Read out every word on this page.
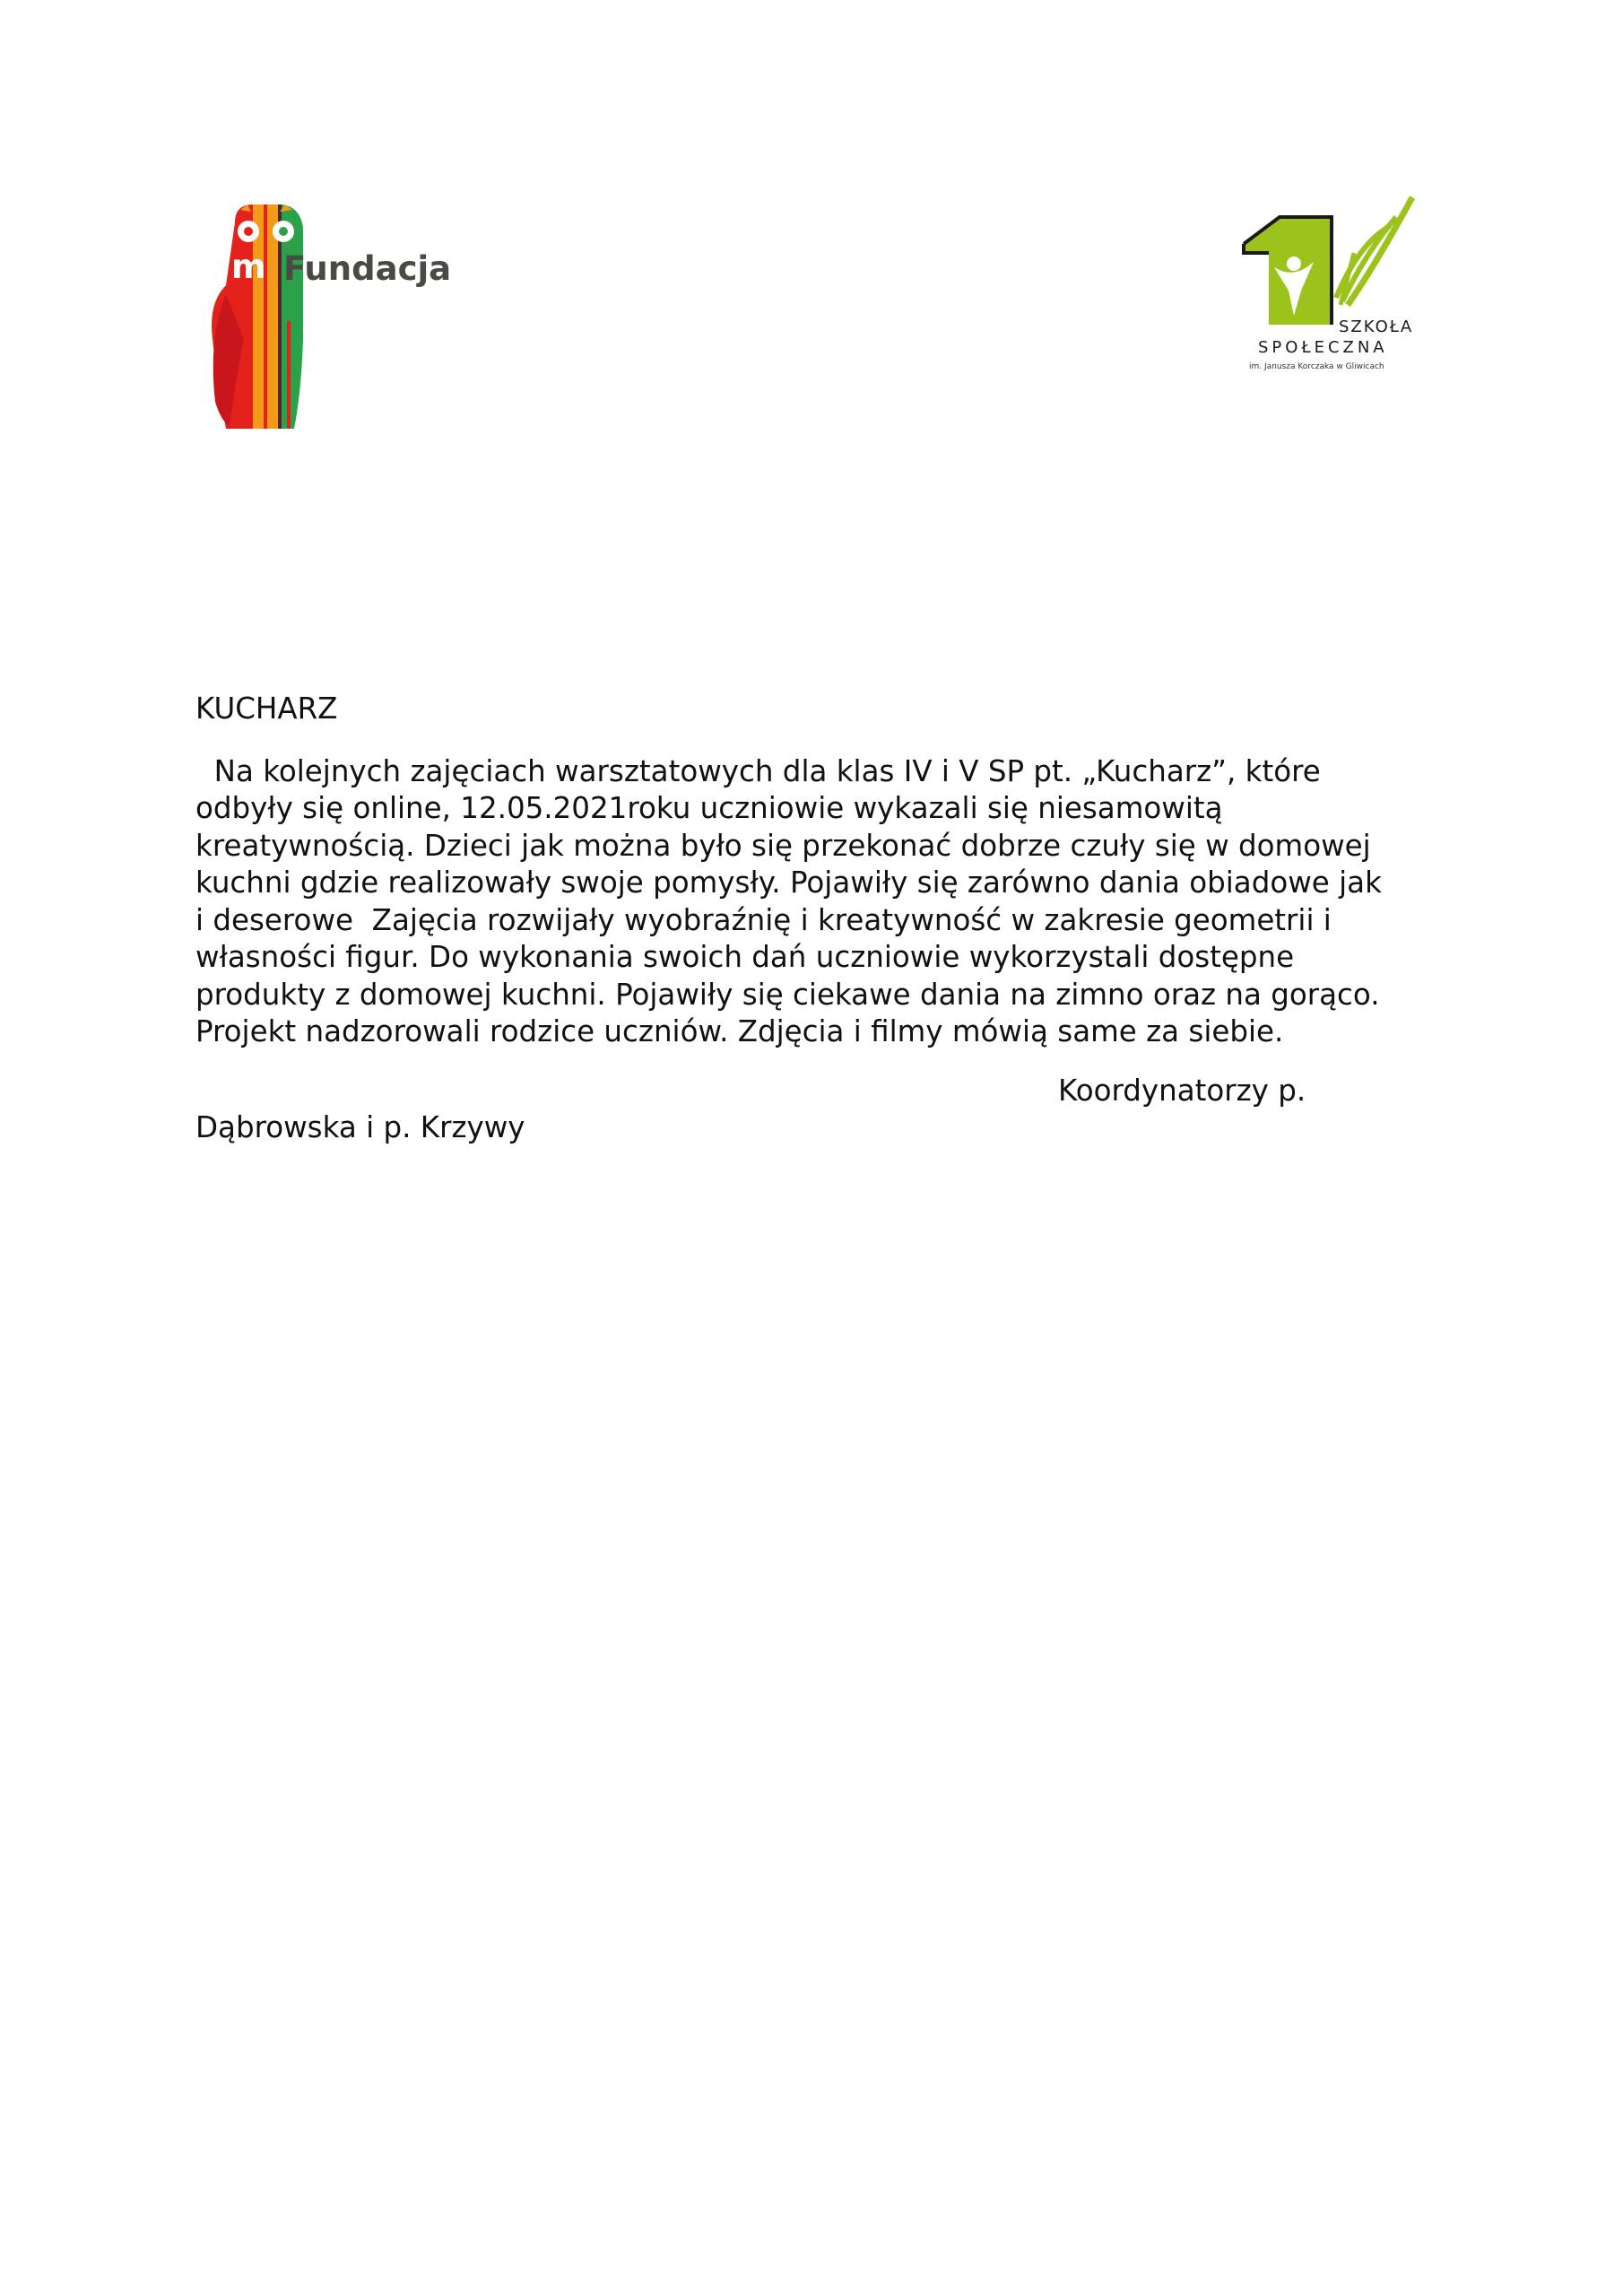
m Fundacja
SZKOŁA
SPOŁECZNA
im. Janusza Korczaka w Gliwicach

KUCHARZ

Na kolejnych zajęciach warsztatowych dla klas IV i V SP pt. „Kucharz”, które
odbyły się online, 12.05.2021roku uczniowie wykazali się niesamowitą
kreatywnością. Dzieci jak można było się przekonać dobrze czuły się w domowej
kuchni gdzie realizowały swoje pomysły. Pojawiły się zarówno dania obiadowe jak
i deserowe  Zajęcia rozwijały wyobraźnię i kreatywność w zakresie geometrii i
własności figur. Do wykonania swoich dań uczniowie wykorzystali dostępne
produkty z domowej kuchni. Pojawiły się ciekawe dania na zimno oraz na gorąco.
Projekt nadzorowali rodzice uczniów. Zdjęcia i filmy mówią same za siebie.

Koordynatorzy p.
Dąbrowska i p. Krzywy
